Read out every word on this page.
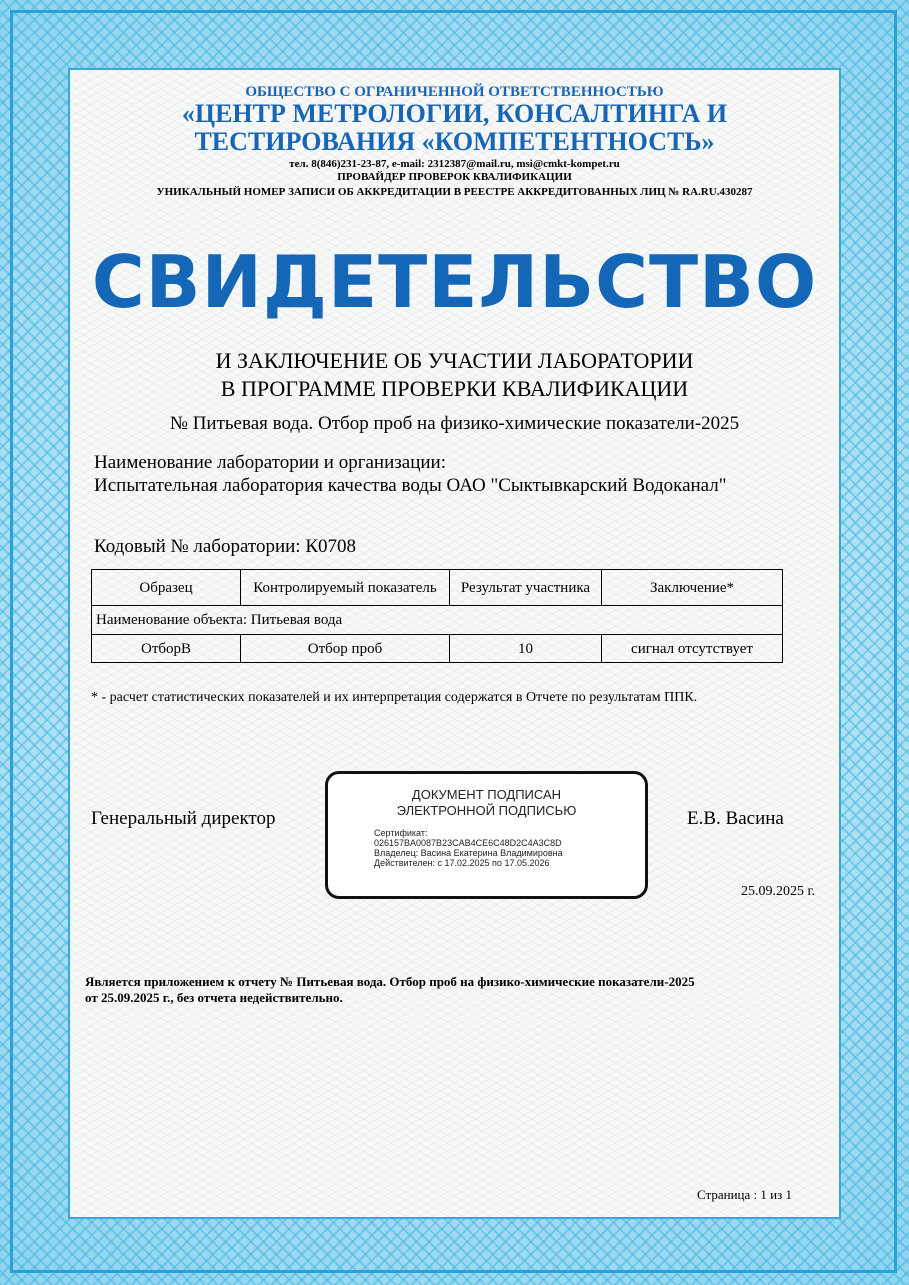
ОБЩЕСТВО С ОГРАНИЧЕННОЙ ОТВЕТСТВЕННОСТЬЮ
«ЦЕНТР МЕТРОЛОГИИ, КОНСАЛТИНГА И
ТЕСТИРОВАНИЯ «КОМПЕТЕНТНОСТЬ»
тел. 8(846)231-23-87, e-mail: 2312387@mail.ru, msi@cmkt-kompet.ru
ПРОВАЙДЕР ПРОВЕРОК КВАЛИФИКАЦИИ
УНИКАЛЬНЫЙ НОМЕР ЗАПИСИ ОБ АККРЕДИТАЦИИ В РЕЕСТРЕ АККРЕДИТОВАННЫХ ЛИЦ № RA.RU.430287
СВИДЕТЕЛЬСТВО
И ЗАКЛЮЧЕНИЕ ОБ УЧАСТИИ ЛАБОРАТОРИИ
В ПРОГРАММЕ ПРОВЕРКИ КВАЛИФИКАЦИИ
№ Питьевая вода. Отбор проб на физико-химические показатели-2025
Наименование лаборатории и организации:
Испытательная лаборатория качества воды ОАО "Сыктывкарский Водоканал"
Кодовый № лаборатории: К0708
Образец	Контролируемый показатель	Результат участника	Заключение*
Наименование объекта: Питьевая вода			
ОтборВ	Отбор проб	10	сигнал отсутствует
* - расчет статистических показателей и их интерпретация содержатся в Отчете по результатам ППК.
Генеральный директор
ДОКУМЕНТ ПОДПИСАН
ЭЛЕКТРОННОЙ ПОДПИСЬЮ
Сертификат:
026157BA0087B23CAB4CE6C48D2C4A3C8D
Владелец: Васина Екатерина Владимировна
Действителен: с 17.02.2025 по 17.05.2026
Е.В. Васина
25.09.2025 г.
Является приложением к отчету № Питьевая вода. Отбор проб на физико-химические показатели-2025
от 25.09.2025 г., без отчета недействительно.
Страница : 1 из 1
